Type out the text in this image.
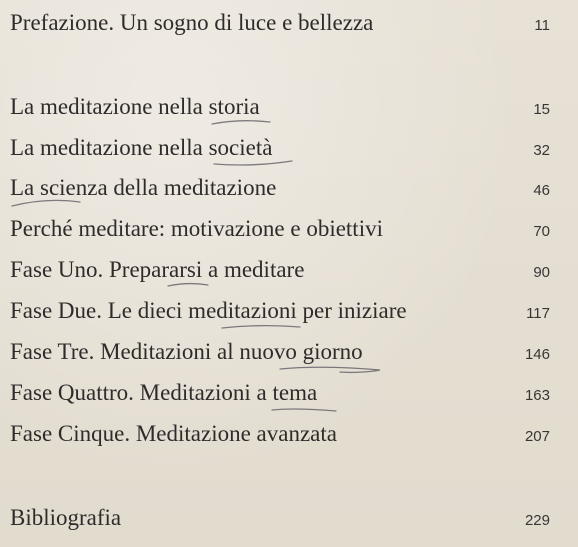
Prefazione. Un sogno di luce e bellezza	11
La meditazione nella storia	15
La meditazione nella società	32
La scienza della meditazione	46
Perché meditare: motivazione e obiettivi	70
Fase Uno. Prepararsi a meditare	90
Fase Due. Le dieci meditazioni per iniziare	117
Fase Tre. Meditazioni al nuovo giorno	146
Fase Quattro. Meditazioni a tema	163
Fase Cinque. Meditazione avanzata	207
Bibliografia	229
